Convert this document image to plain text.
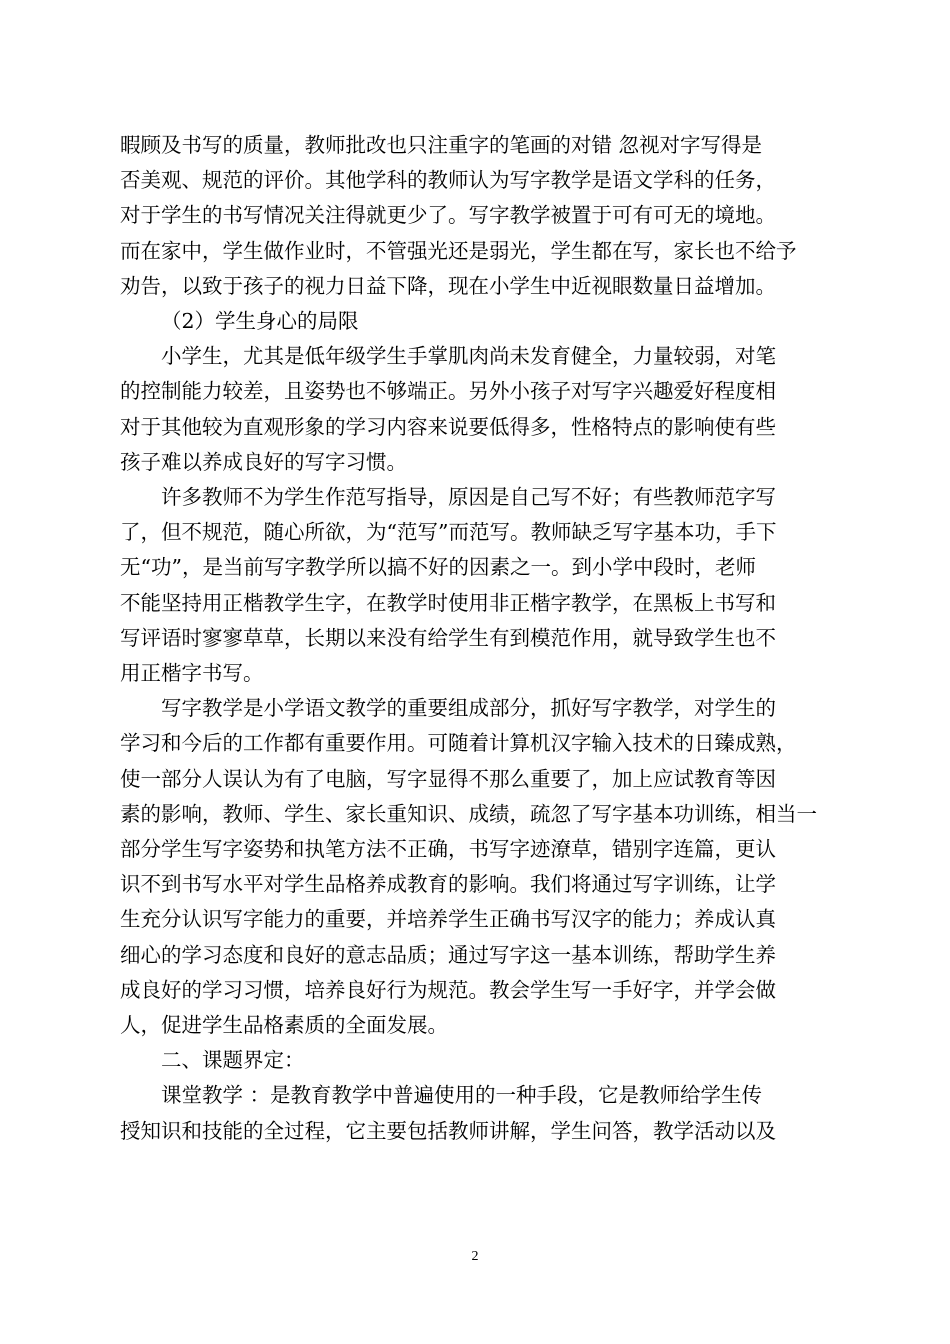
暇顾及书写的质量，教师批改也只注重字的笔画的对错 忽视对字写得是
否美观、规范的评价。其他学科的教师认为写字教学是语文学科的任务，
对于学生的书写情况关注得就更少了。写字教学被置于可有可无的境地。
而在家中，学生做作业时，不管强光还是弱光，学生都在写，家长也不给予
劝告，以致于孩子的视力日益下降，现在小学生中近视眼数量日益增加。

（2）学生身心的局限

小学生，尤其是低年级学生手掌肌肉尚未发育健全，力量较弱，对笔
的控制能力较差，且姿势也不够端正。另外小孩子对写字兴趣爱好程度相
对于其他较为直观形象的学习内容来说要低得多，性格特点的影响使有些
孩子难以养成良好的写字习惯。

许多教师不为学生作范写指导，原因是自己写不好；有些教师范字写
了，但不规范，随心所欲，为“范写”而范写。教师缺乏写字基本功，手下
无“功”，是当前写字教学所以搞不好的因素之一。到小学中段时，老师
不能坚持用正楷教学生字，在教学时使用非正楷字教学，在黑板上书写和
写评语时寥寥草草，长期以来没有给学生有到模范作用，就导致学生也不
用正楷字书写。

写字教学是小学语文教学的重要组成部分，抓好写字教学，对学生的
学习和今后的工作都有重要作用。可随着计算机汉字输入技术的日臻成熟，
使一部分人误认为有了电脑，写字显得不那么重要了，加上应试教育等因
素的影响，教师、学生、家长重知识、成绩，疏忽了写字基本功训练，相当一
部分学生写字姿势和执笔方法不正确，书写字迹潦草，错别字连篇，更认
识不到书写水平对学生品格养成教育的影响。我们将通过写字训练，让学
生充分认识写字能力的重要，并培养学生正确书写汉字的能力；养成认真
细心的学习态度和良好的意志品质；通过写字这一基本训练，帮助学生养
成良好的学习习惯，培养良好行为规范。教会学生写一手好字，并学会做
人，促进学生品格素质的全面发展。

二、课题界定：

课堂教学 ：是教育教学中普遍使用的一种手段，它是教师给学生传
授知识和技能的全过程，它主要包括教师讲解，学生问答，教学活动以及

2
